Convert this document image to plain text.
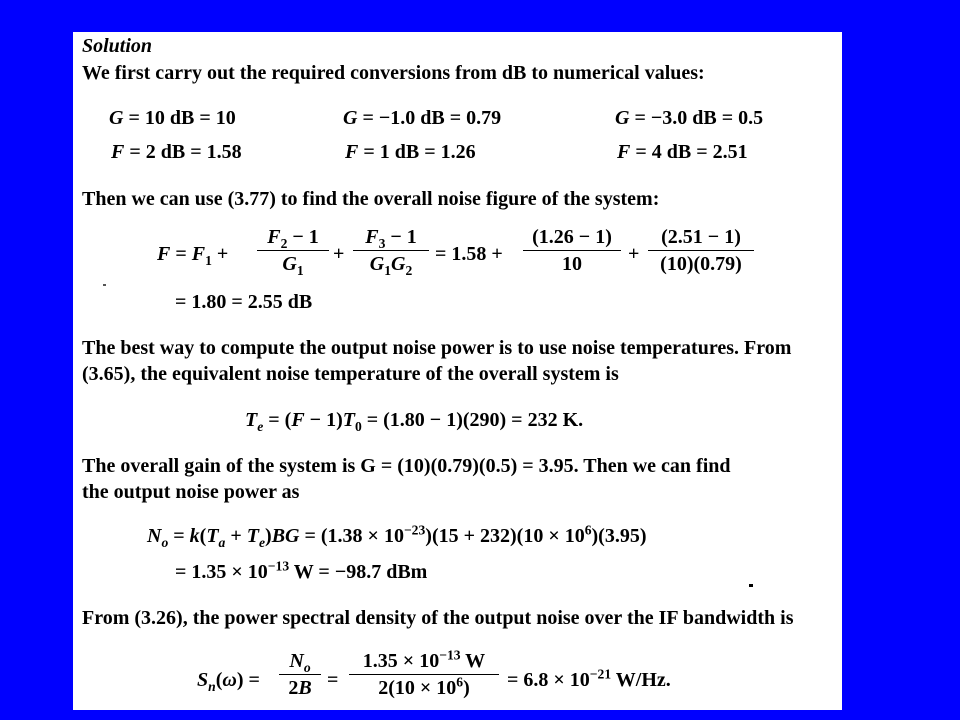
Solution
We first carry out the required conversions from dB to numerical values:
G = 10 dB = 10	G = −1.0 dB = 0.79	G = −3.0 dB = 0.5
F = 2 dB = 1.58	F = 1 dB = 1.26	F = 4 dB = 2.51
Then we can use (3.77) to find the overall noise figure of the system:
$F = F_1$ +
$F_2 - 1$
$G_1$
+
$F_3 - 1$
$G_1G_2$
= 1.58 +
(1.26 − 1)
10	+
(2.51 − 1)
(10)(0.79)
= 1.80 = 2.55 dB
The best way to compute the output noise power is to use noise temperatures. From
(3.65), the equivalent noise temperature of the overall system is
$T_e = (F - 1)T_0 = (1.80 - 1)(290) = 232$ K.
The overall gain of the system is G = (10)(0.79)(0.5) = 3.95. Then we can find
the output noise power as
$N_o = k(T_a + T_e)BG = (1.38 \times 10^{-23})(15 + 232)(10 \times 10^6)(3.95)$
= $1.35 \times 10^{-13}$ W = −98.7 dBm
From (3.26), the power spectral density of the output noise over the IF bandwidth is
$S_n(\omega)$ =
$N_o$
2B =
$1.35 \times 10^{-13}$ W
$2(10 \times 10^6)$	= $6.8 \times 10^{-21}$ W/Hz.
